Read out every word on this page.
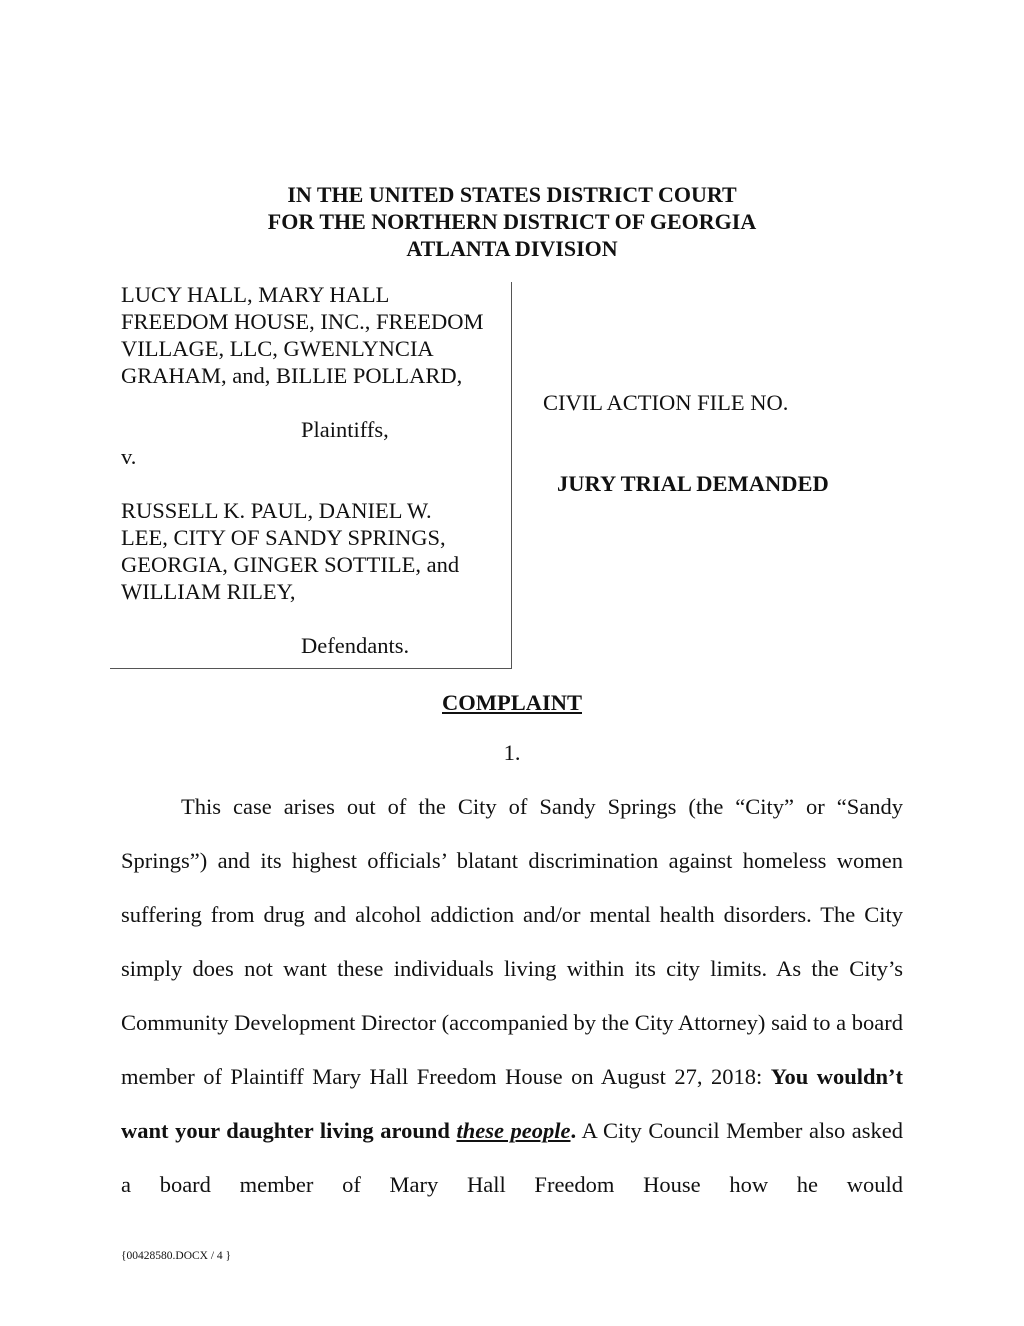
IN THE UNITED STATES DISTRICT COURT
FOR THE NORTHERN DISTRICT OF GEORGIA
ATLANTA DIVISION
LUCY HALL, MARY HALL
FREEDOM HOUSE, INC., FREEDOM
VILLAGE, LLC, GWENLYNCIA
GRAHAM, and, BILLIE POLLARD,
Plaintiffs,
v.
RUSSELL K. PAUL, DANIEL W.
LEE, CITY OF SANDY SPRINGS,
GEORGIA, GINGER SOTTILE, and
WILLIAM RILEY,
Defendants.
CIVIL ACTION FILE NO.
JURY TRIAL DEMANDED
COMPLAINT
1.
This case arises out of the City of Sandy Springs (the “City” or “Sandy Springs”) and its highest officials’ blatant discrimination against homeless women suffering from drug and alcohol addiction and/or mental health disorders. The City simply does not want these individuals living within its city limits. As the City’s Community Development Director (accompanied by the City Attorney) said to a board member of Plaintiff Mary Hall Freedom House on August 27, 2018: You wouldn’t want your daughter living around these people. A City Council Member also asked a board member of Mary Hall Freedom House how he would
{00428580.DOCX / 4 }
